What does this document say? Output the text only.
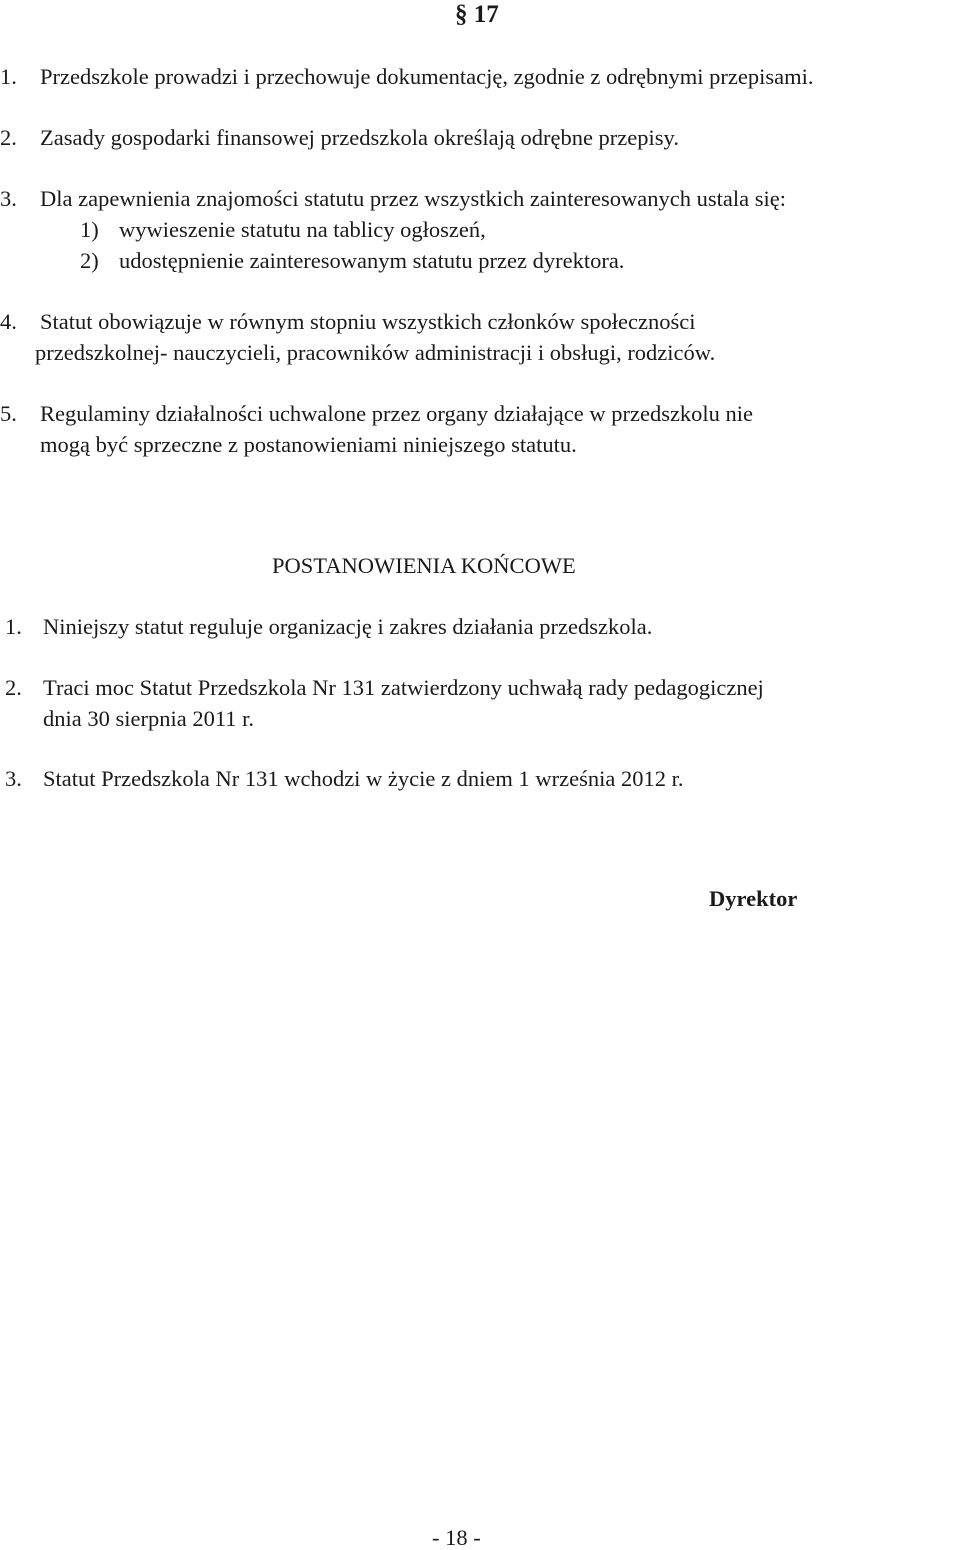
§ 17
1. Przedszkole prowadzi i przechowuje dokumentację, zgodnie z odrębnymi przepisami.
2. Zasady gospodarki finansowej przedszkola określają odrębne przepisy.
3. Dla zapewnienia znajomości statutu przez wszystkich zainteresowanych ustala się:
1) wywieszenie statutu na tablicy ogłoszeń,
2) udostępnienie zainteresowanym statutu przez dyrektora.
4. Statut obowiązuje w równym stopniu wszystkich członków społeczności
przedszkolnej- nauczycieli, pracowników administracji i obsługi, rodziców.
5. Regulaminy działalności uchwalone przez organy działające w przedszkolu nie
mogą być sprzeczne z postanowieniami niniejszego statutu.
POSTANOWIENIA KOŃCOWE
1. Niniejszy statut reguluje organizację i zakres działania przedszkola.
2. Traci moc Statut Przedszkola Nr 131 zatwierdzony uchwałą rady pedagogicznej
dnia 30 sierpnia 2011 r.
3. Statut Przedszkola Nr 131 wchodzi w życie z dniem 1 września 2012 r.
Dyrektor
- 18 -
